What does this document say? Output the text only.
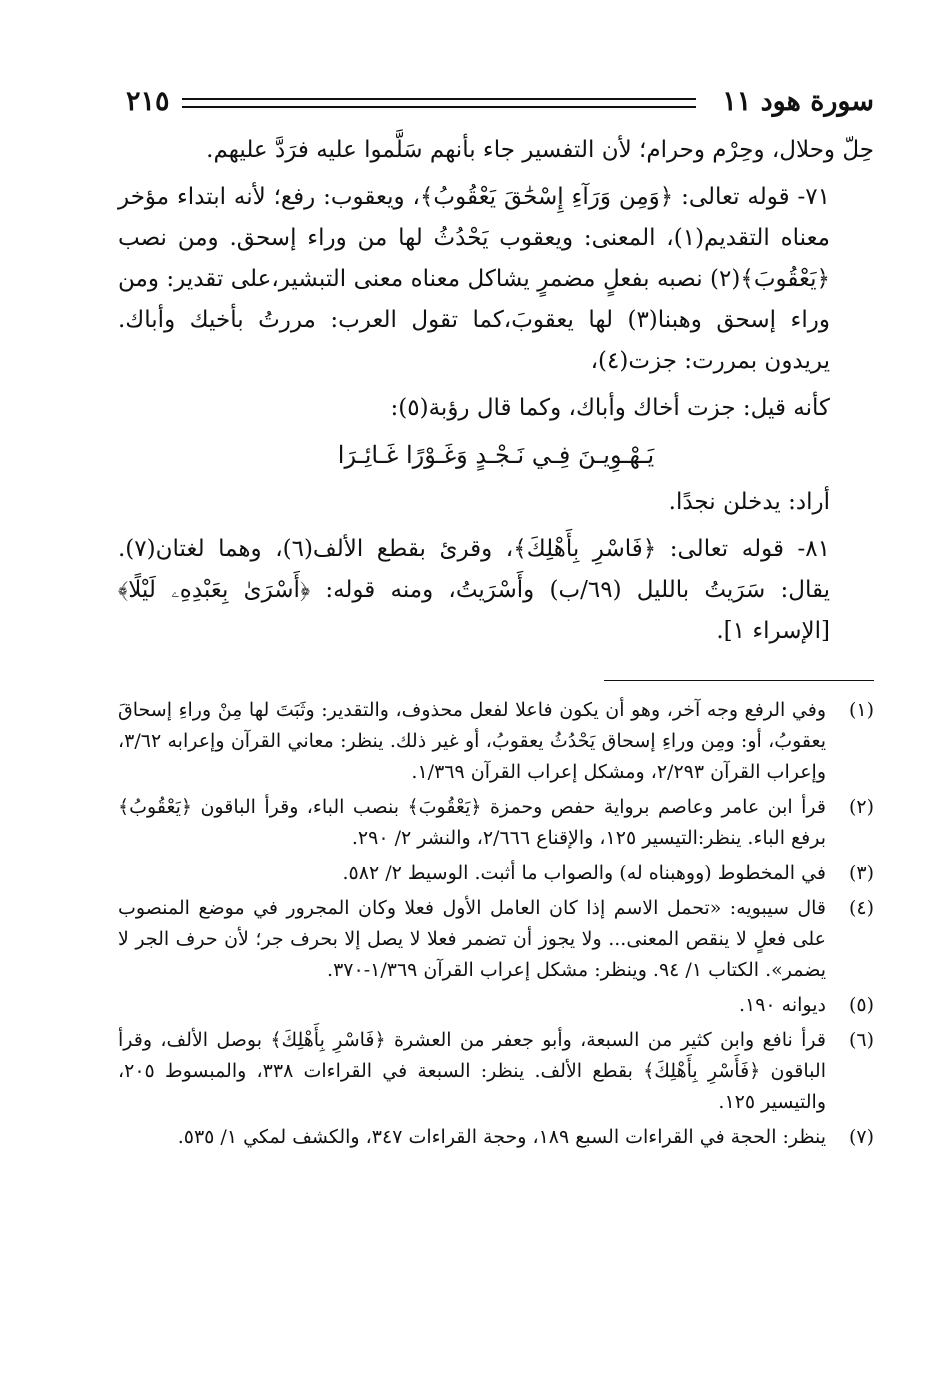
سورة هود ١١
٢١٥

حِلّ وحلال، وحِرْم وحرام؛ لأن التفسير جاء بأنهم سَلَّموا عليه فرَدَّ عليهم.

٧١- قوله تعالى: ﴿وَمِن وَرَآءِ إِسْحَٰقَ يَعْقُوبُ﴾، ويعقوب: رفع؛ لأنه ابتداء مؤخر معناه التقديم(١)، المعنى: ويعقوب يَحْدُثُ لها من وراء إسحق. ومن نصب ﴿يَعْقُوبَ﴾(٢) نصبه بفعلٍ مضمرٍ يشاكل معناه معنى التبشير،على تقدير: ومن وراء إسحق وهبنا(٣) لها يعقوبَ،كما تقول العرب: مررتُ بأخيك وأباك. يريدون بمررت: جزت(٤)،

كأنه قيل: جزت أخاك وأباك، وكما قال رؤبة(٥):

يَـهْـوِيـنَ فِـي نَـجْـدٍ وَغَـوْرًا غَـائِـرَا

أراد: يدخلن نجدًا.

٨١- قوله تعالى: ﴿فَاسْرِ بِأَهْلِكَ﴾، وقرئ بقطع الألف(٦)، وهما لغتان(٧). يقال: سَرَيتُ بالليل (٦٩/ب) وأَسْرَيتُ، ومنه قوله: ﴿أَسْرَىٰ بِعَبْدِهِۦ لَيْلًا﴾ [الإسراء ١].

(١)
وفي الرفع وجه آخر، وهو أن يكون فاعلا لفعل محذوف، والتقدير: وثَبَتَ لها مِنْ وراءِ إسحاقَ يعقوبُ، أو: ومِن وراءِ إسحاق يَحْدُثُ يعقوبُ، أو غير ذلك. ينظر: معاني القرآن وإعرابه ٣/٦٢، وإعراب القرآن ٢/٢٩٣، ومشكل إعراب القرآن ١/٣٦٩.
(٢)
قرأ ابن عامر وعاصم برواية حفص وحمزة ﴿يَعْقُوبَ﴾ بنصب الباء، وقرأ الباقون ﴿يَعْقُوبُ﴾ برفع الباء. ينظر:التيسير ١٢٥، والإقناع ٢/٦٦٦، والنشر ٢/ ٢٩٠.
(٣)
في المخطوط (ووهبناه له) والصواب ما أثبت. الوسيط ٢/ ٥٨٢.
(٤)
قال سيبويه: «تحمل الاسم إذا كان العامل الأول فعلا وكان المجرور في موضع المنصوب على فعلٍ لا ينقص المعنى... ولا يجوز أن تضمر فعلا لا يصل إلا بحرف جر؛ لأن حرف الجر لا يضمر». الكتاب ١/ ٩٤. وينظر: مشكل إعراب القرآن ١/٣٦٩-٣٧٠.
(٥)
ديوانه ١٩٠.
(٦)
قرأ نافع وابن كثير من السبعة، وأبو جعفر من العشرة ﴿فَاسْرِ بِأَهْلِكَ﴾ بوصل الألف، وقرأ الباقون ﴿فَأَسْرِ بِأَهْلِكَ﴾ بقطع الألف. ينظر: السبعة في القراءات ٣٣٨، والمبسوط ٢٠٥، والتيسير ١٢٥.
(٧)
ينظر: الحجة في القراءات السبع ١٨٩، وحجة القراءات ٣٤٧، والكشف لمكي ١/ ٥٣٥.
